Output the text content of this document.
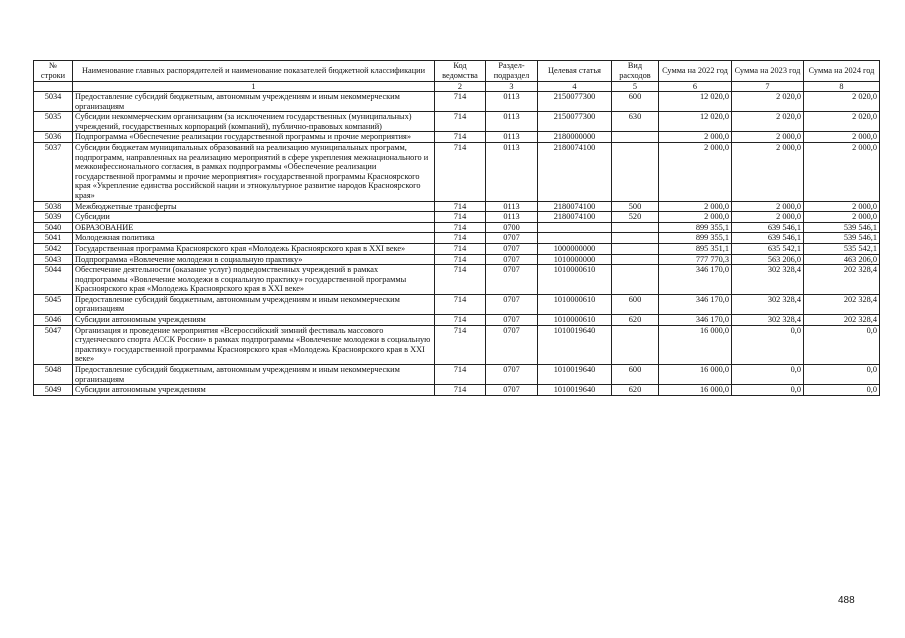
№ строки	Наименование главных распорядителей и наименование показателей бюджетной классификации	Код ведомства	Раздел-подраздел	Целевая статья	Вид расходов	Сумма на 2022 год	Сумма на 2023 год	Сумма на 2024 год
	1	2	3	4	5	6	7	8
5034	Предоставление субсидий бюджетным, автономным учреждениям и иным некоммерческим организациям	714	0113	2150077300	600	12 020,0	2 020,0	2 020,0
5035	Субсидии некоммерческим организациям (за исключением государственных (муниципальных) учреждений, государственных корпораций (компаний), публично-правовых компаний)	714	0113	2150077300	630	12 020,0	2 020,0	2 020,0
5036	Подпрограмма «Обеспечение реализации государственной программы и прочие мероприятия»	714	0113	2180000000		2 000,0	2 000,0	2 000,0
5037	Субсидии бюджетам муниципальных образований на реализацию муниципальных программ, подпрограмм, направленных на реализацию мероприятий в сфере укрепления межнационального и межконфессионального согласия, в рамках подпрограммы «Обеспечение реализации государственной программы и прочие мероприятия» государственной программы Красноярского края «Укрепление единства российской нации и этнокультурное развитие народов Красноярского края»	714	0113	2180074100		2 000,0	2 000,0	2 000,0
5038	Межбюджетные трансферты	714	0113	2180074100	500	2 000,0	2 000,0	2 000,0
5039	Субсидии	714	0113	2180074100	520	2 000,0	2 000,0	2 000,0
5040	ОБРАЗОВАНИЕ	714	0700			899 355,1	639 546,1	539 546,1
5041	Молодежная политика	714	0707			899 355,1	639 546,1	539 546,1
5042	Государственная программа Красноярского края «Молодежь Красноярского края в XXI веке»	714	0707	1000000000		895 351,1	635 542,1	535 542,1
5043	Подпрограмма «Вовлечение молодежи в социальную практику»	714	0707	1010000000		777 770,3	563 206,0	463 206,0
5044	Обеспечение деятельности (оказание услуг) подведомственных учреждений в рамках подпрограммы «Вовлечение молодежи в социальную практику» государственной программы Красноярского края «Молодежь Красноярского края в XXI веке»	714	0707	1010000610		346 170,0	302 328,4	202 328,4
5045	Предоставление субсидий бюджетным, автономным учреждениям и иным некоммерческим организациям	714	0707	1010000610	600	346 170,0	302 328,4	202 328,4
5046	Субсидии автономным учреждениям	714	0707	1010000610	620	346 170,0	302 328,4	202 328,4
5047	Организация и проведение мероприятия «Всероссийский зимний фестиваль массового студенческого спорта АССК России» в рамках подпрограммы «Вовлечение молодежи в социальную практику» государственной программы Красноярского края «Молодежь Красноярского края в XXI веке»	714	0707	1010019640		16 000,0	0,0	0,0
5048	Предоставление субсидий бюджетным, автономным учреждениям и иным некоммерческим организациям	714	0707	1010019640	600	16 000,0	0,0	0,0
5049	Субсидии автономным учреждениям	714	0707	1010019640	620	16 000,0	0,0	0,0
488
